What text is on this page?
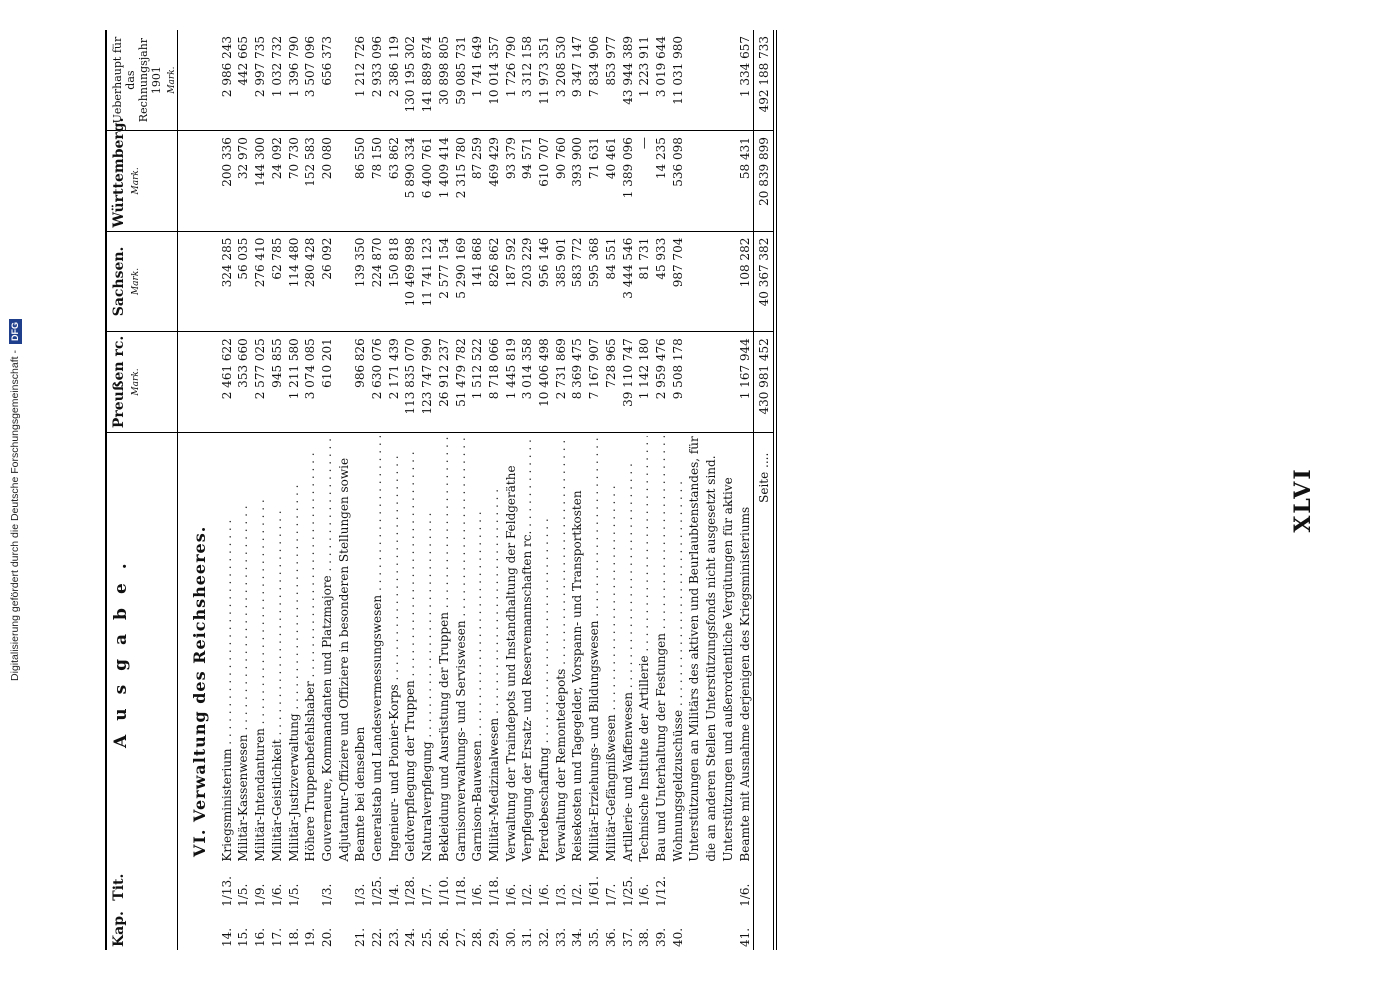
Digitalisierung gefördert durch die Deutsche Forschungsgemeinschaft -
DFG
Kap.	Tit.	Ausgabe.	Preußen rc. Mark.	Sachsen. Mark.	Württemberg. Mark.	Ueberhaupt für das Rechnungsjahr 1901 Mark.

VI. Verwaltung des Reichsheeres.						
14.	1/13.	Kriegsministerium . . .	2 461 622	324 285	200 336	2 986 243
15.	1/5.	Militär-Kassenwesen . . .	353 660	56 035	32 970	442 665
16.	1/9.	Militär-Intendanturen . . .	2 577 025	276 410	144 300	2 997 735
17.	1/6.	Militär-Geistlichkeit . . .	945 855	62 785	24 092	1 032 732
18.	1/5.	Militär-Justizverwaltung . . .	1 211 580	114 480	70 730	1 396 790
19.		Höhere Truppenbefehlshaber . . .	3 074 085	280 428	152 583	3 507 096
20.	1/3.	Gouverneure, Kommandanten und Platzmajore . . .	610 201	26 092	20 080	656 373
21.	1/3.	Adjutantur-Offiziere und Offiziere in besonderen Stellungen sowie Beamte bei denselben	986 826	139 350	86 550	1 212 726
22.	1/25.	Generalstab und Landesvermessungswesen . . .	2 630 076	224 870	78 150	2 933 096
23.	1/4.	Ingenieur- und Pionier-Korps . . .	2 171 439	150 818	63 862	2 386 119
24.	1/28.	Geldverpflegung der Truppen . . .	113 835 070	10 469 898	5 890 334	130 195 302
25.	1/7.	Naturalverpflegung . . .	123 747 990	11 741 123	6 400 761	141 889 874
26.	1/10.	Bekleidung und Ausrüstung der Truppen . . .	26 912 237	2 577 154	1 409 414	30 898 805
27.	1/18.	Garnisonverwaltungs- und Serviswesen . . .	51 479 782	5 290 169	2 315 780	59 085 731
28.	1/6.	Garnison-Bauwesen . . .	1 512 522	141 868	87 259	1 741 649
29.	1/18.	Militär-Medizinalwesen . . .	8 718 066	826 862	469 429	10 014 357
30.	1/6.	Verwaltung der Traindepots und Instandhaltung der Feldgeräthe	1 445 819	187 592	93 379	1 726 790
31.	1/2.	Verpflegung der Ersatz- und Reservemannschaften rc. . . .	3 014 358	203 229	94 571	3 312 158
32.	1/6.	Pferdebeschaffung . . .	10 406 498	956 146	610 707	11 973 351
33.	1/3.	Verwaltung der Remontedepots . . .	2 731 869	385 901	90 760	3 208 530
34.	1/2.	Reisekosten und Tagegelder, Vorspann- und Transportkosten	8 369 475	583 772	393 900	9 347 147
35.	1/61.	Militär-Erziehungs- und Bildungswesen . . .	7 167 907	595 368	71 631	7 834 906
36.	1/7.	Militär-Gefängnißwesen . . .	728 965	84 551	40 461	853 977
37.	1/25.	Artillerie- und Waffenwesen . . .	39 110 747	3 444 546	1 389 096	43 944 389
38.	1/6.	Technische Institute der Artillerie . . .	1 142 180	81 731	—	1 223 911
39.	1/12.	Bau und Unterhaltung der Festungen . . .	2 959 476	45 933	14 235	3 019 644
40.		Wohnungsgeldzuschüsse . . .	9 508 178	987 704	536 098	11 031 980
41.	1/6.	Unterstützungen an Militärs des aktiven und Beurlaubtenstandes, für die an anderen Stellen Unterstützungsfonds nicht ausgesetzt sind. Unterstützungen und außerordentliche Vergütungen für aktive Beamte mit Ausnahme derjenigen des Kriegsministeriums	1 167 944	108 282	58 431	1 334 657
		Seite ....	430 981 452	40 367 382	20 839 899	492 188 733
XLVI
